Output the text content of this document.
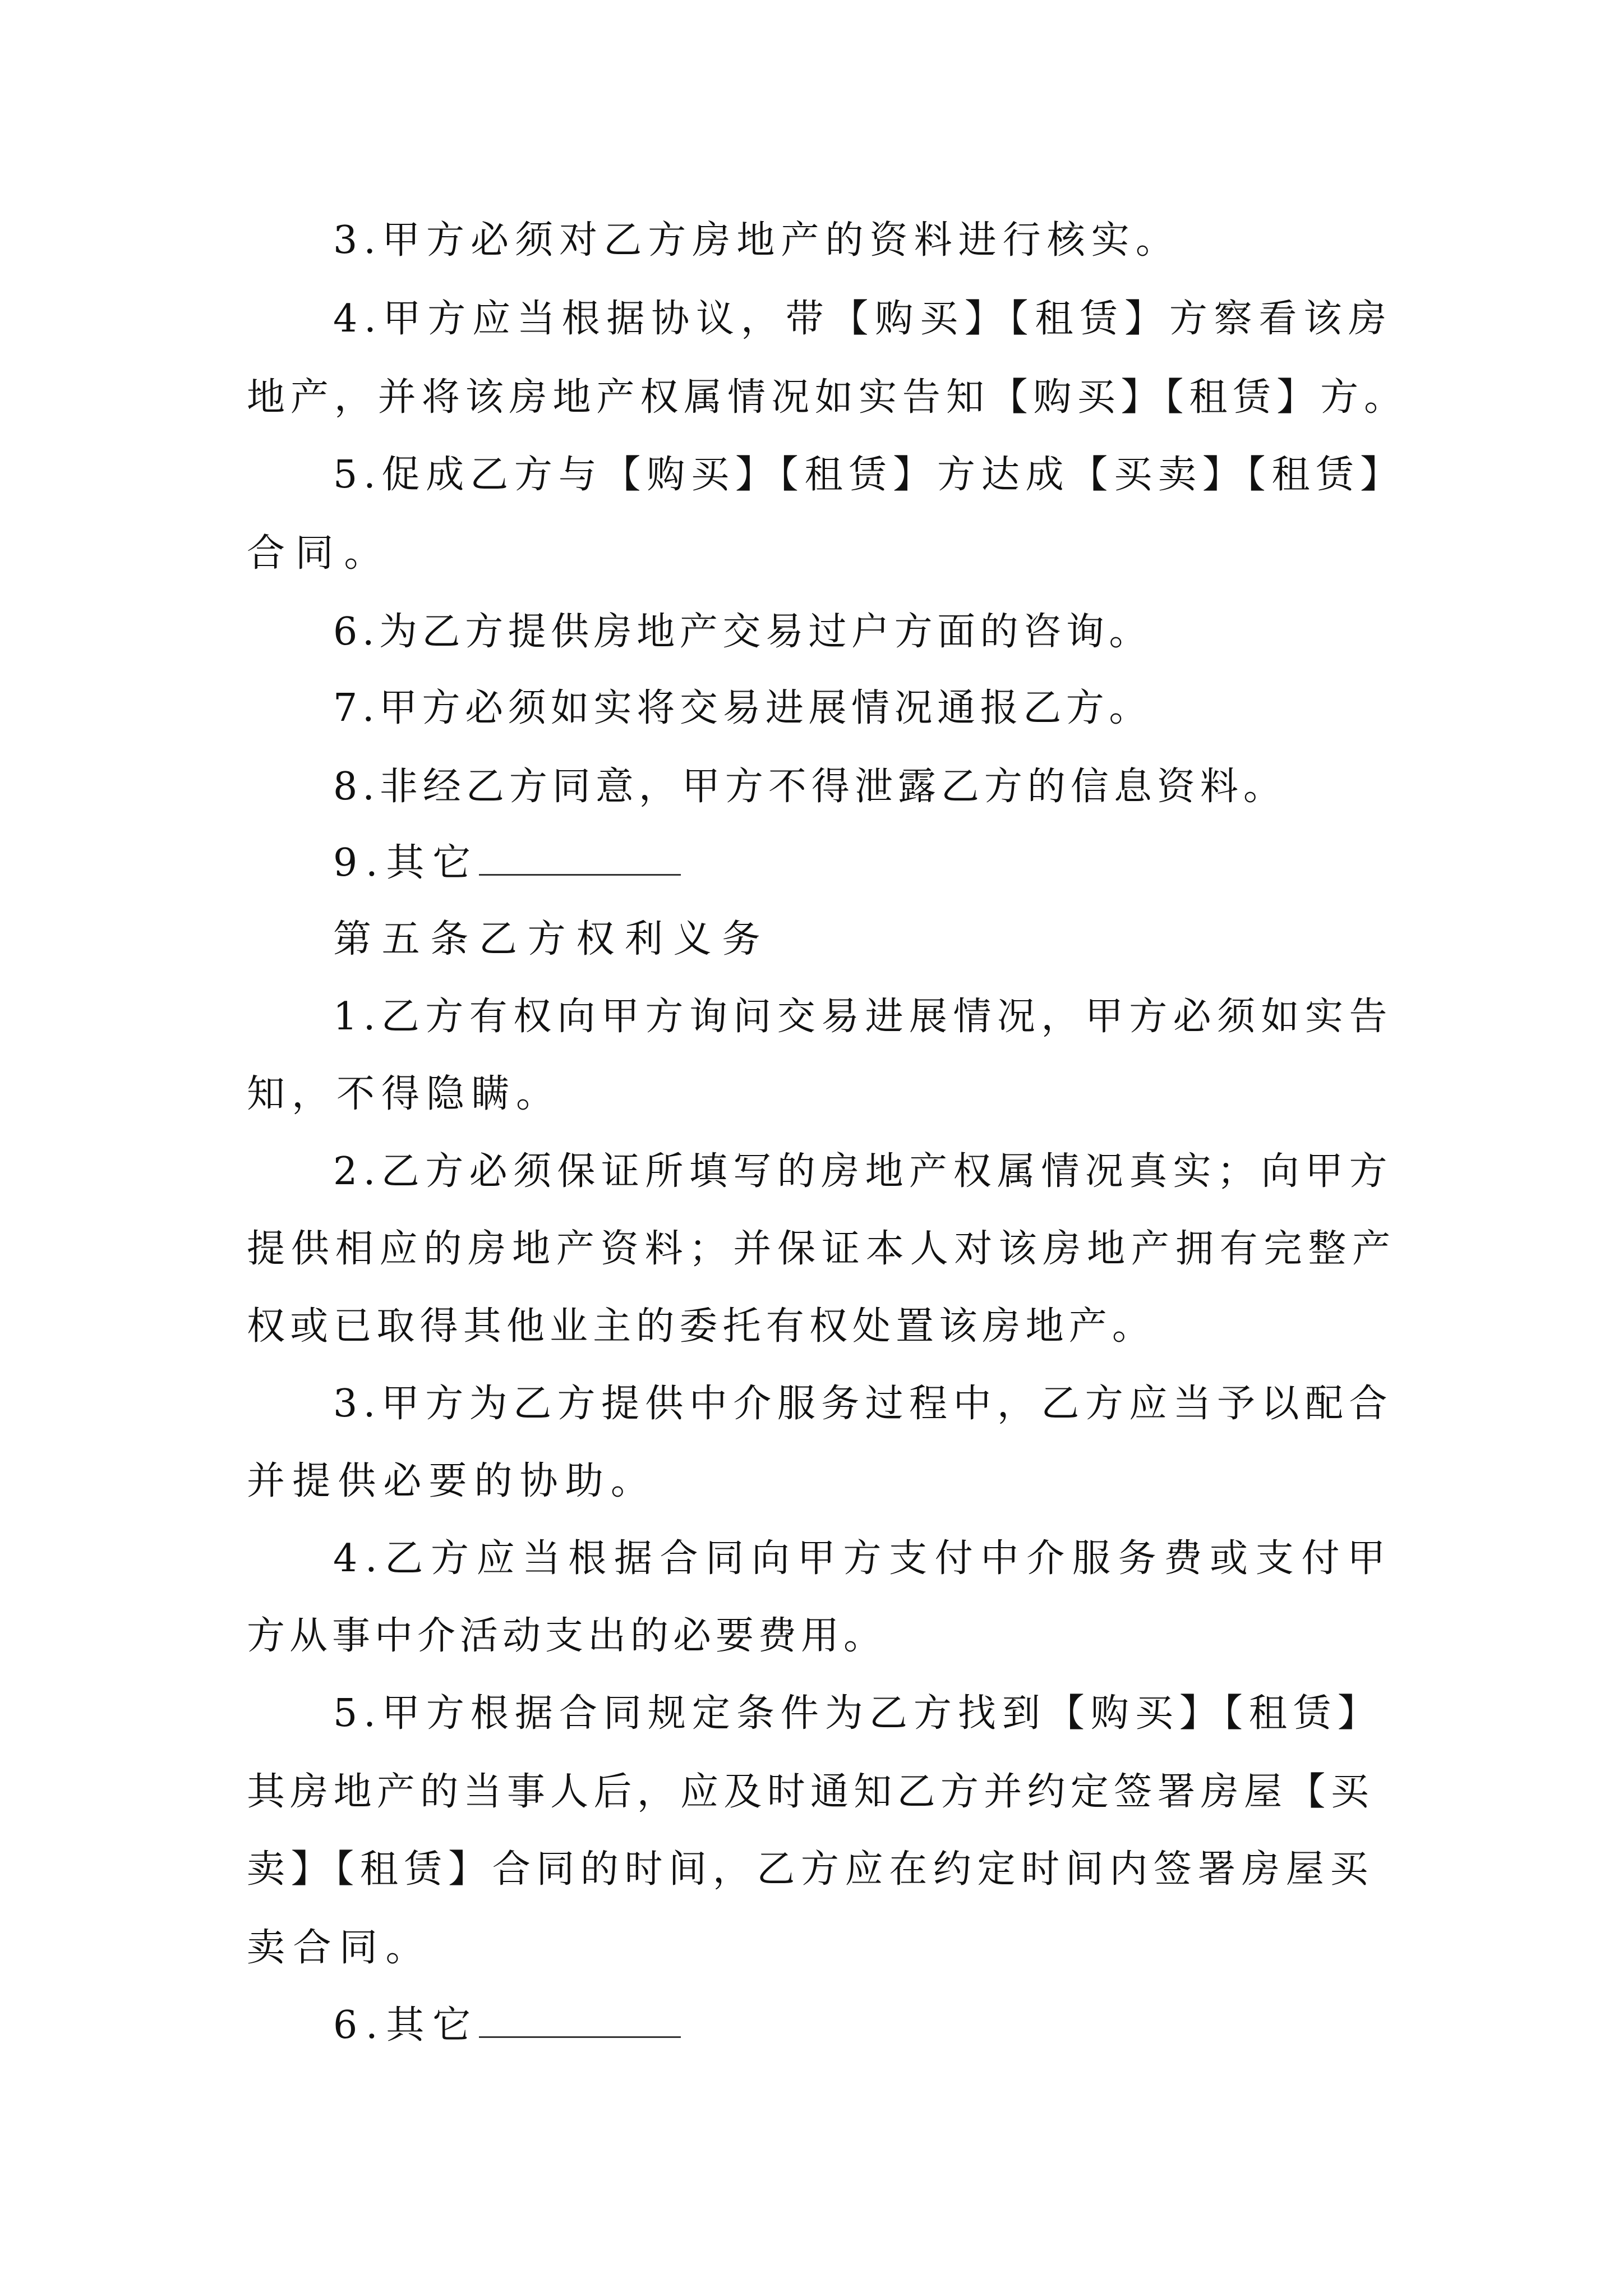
3.甲方必须对乙方房地产的资料进行核实。

4.甲方应当根据协议，带【购买】【租赁】方察看该房

地产，并将该房地产权属情况如实告知【购买】【租赁】方。

5.促成乙方与【购买】【租赁】方达成【买卖】【租赁】

合同。

6.为乙方提供房地产交易过户方面的咨询。

7.甲方必须如实将交易进展情况通报乙方。

8.非经乙方同意，甲方不得泄露乙方的信息资料。

9.其它

第五条乙方权利义务

1.乙方有权向甲方询问交易进展情况，甲方必须如实告

知，不得隐瞒。

2.乙方必须保证所填写的房地产权属情况真实；向甲方

提供相应的房地产资料；并保证本人对该房地产拥有完整产

权或已取得其他业主的委托有权处置该房地产。

3.甲方为乙方提供中介服务过程中，乙方应当予以配合

并提供必要的协助。

4.乙方应当根据合同向甲方支付中介服务费或支付甲

方从事中介活动支出的必要费用。

5.甲方根据合同规定条件为乙方找到【购买】【租赁】

其房地产的当事人后，应及时通知乙方并约定签署房屋【买

卖】【租赁】合同的时间，乙方应在约定时间内签署房屋买

卖合同。

6.其它
